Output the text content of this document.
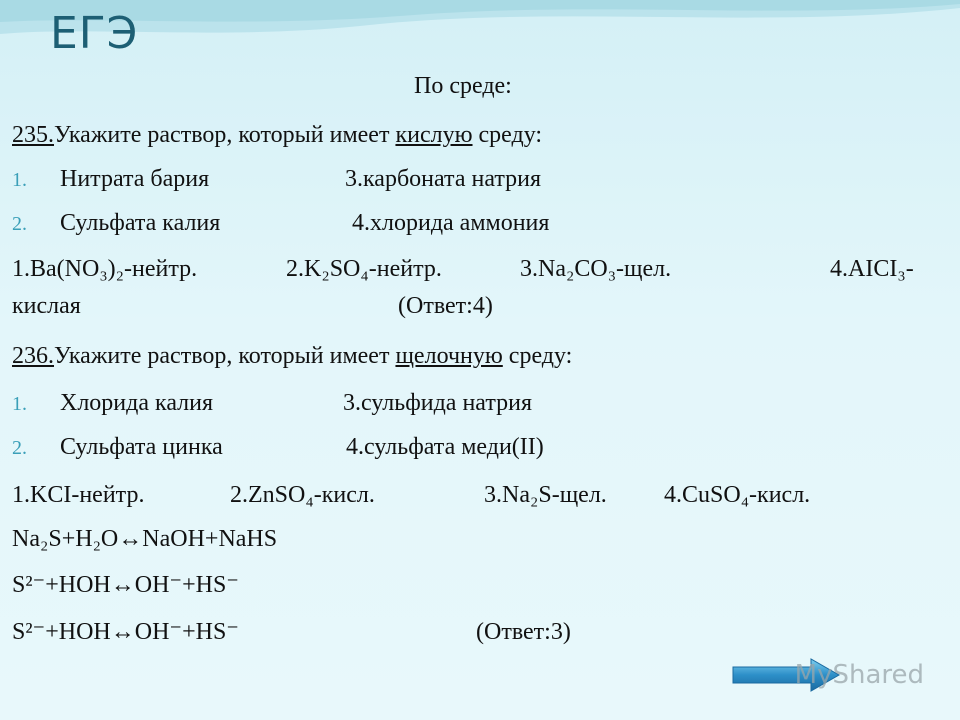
ЕГЭ
По среде:
235.Укажите раствор, который имеет кислую среду:
1. Нитрата бария	3.карбоната натрия
2. Сульфата калия	4.хлорида аммония
1.Ba(NO₃)₂-нейтр.	2.K₂SO₄-нейтр.	3.Na₂CO₃-щел.	4.AICI₃-
кислая	(Ответ:4)
236.Укажите раствор, который имеет щелочную среду:
1. Хлорида калия	3.сульфида натрия
2. Сульфата цинка	4.сульфата меди(II)
1.KCI-нейтр.	2.ZnSO₄-кисл.	3.Na₂S-щел. 4.CuSO₄-кисл.
Na₂S+H₂O↔NaOH+NaHS
S²⁻+HOH↔OH⁻+HS⁻
S²⁻+HOH↔OH⁻+HS⁻	(Ответ:3)
MyShared
